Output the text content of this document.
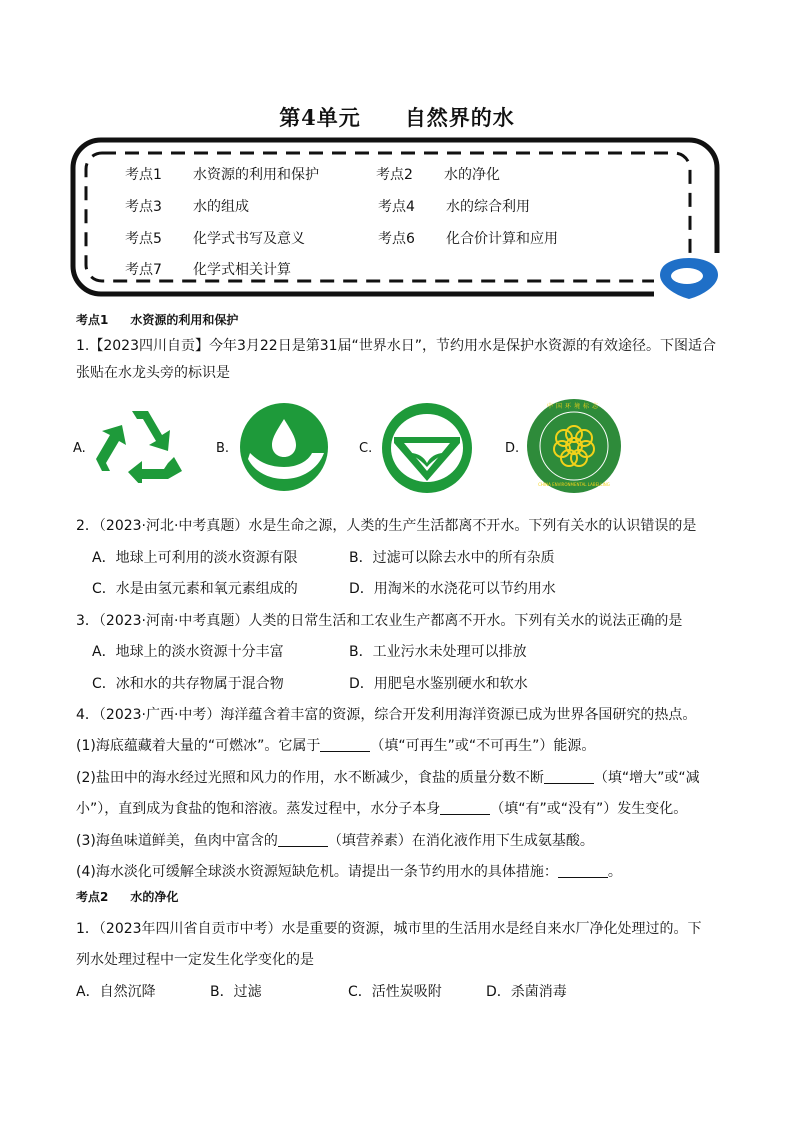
第4单元 自然界的水
考点1 水资源的利用和保护	考点2 水的净化
考点3 水的组成	考点4 水的综合利用
考点5 化学式书写及意义	考点6 化合价计算和应用
考点7 化学式相关计算
考点1 水资源的利用和保护
1.【2023四川自贡】今年3月22日是第31届“世界水日”，节约用水是保护水资源的有效途径。下图适合
张贴在水龙头旁的标识是
A.	B.	C.	D.
中国环境标志
CHINA ENVIRONMENTAL LABELLING
2．（2023·河北·中考真题）水是生命之源，人类的生产生活都离不开水。下列有关水的认识错误的是
A．地球上可利用的淡水资源有限	B．过滤可以除去水中的所有杂质
C．水是由氢元素和氧元素组成的	D．用淘米的水浇花可以节约用水
3．（2023·河南·中考真题）人类的日常生活和工农业生产都离不开水。下列有关水的说法正确的是
A．地球上的淡水资源十分丰富	B．工业污水未处理可以排放
C．冰和水的共存物属于混合物	D．用肥皂水鉴别硬水和软水
4．（2023·广西·中考）海洋蕴含着丰富的资源，综合开发利用海洋资源已成为世界各国研究的热点。
(1)海底蕴藏着大量的“可燃冰”。它属于	（填“可再生”或“不可再生”）能源。
(2)盐田中的海水经过光照和风力的作用，水不断减少，食盐的质量分数不断	（填“增大”或“减
小”），直到成为食盐的饱和溶液。蒸发过程中，水分子本身	（填“有”或“没有”）发生变化。
(3)海鱼味道鲜美，鱼肉中富含的	（填营养素）在消化液作用下生成氨基酸。
(4)海水淡化可缓解全球淡水资源短缺危机。请提出一条节约用水的具体措施：	。
考点2 水的净化
1．（2023年四川省自贡市中考）水是重要的资源，城市里的生活用水是经自来水厂净化处理过的。下
列水处理过程中一定发生化学变化的是
A．自然沉降	B．过滤	C．活性炭吸附	D．杀菌消毒
